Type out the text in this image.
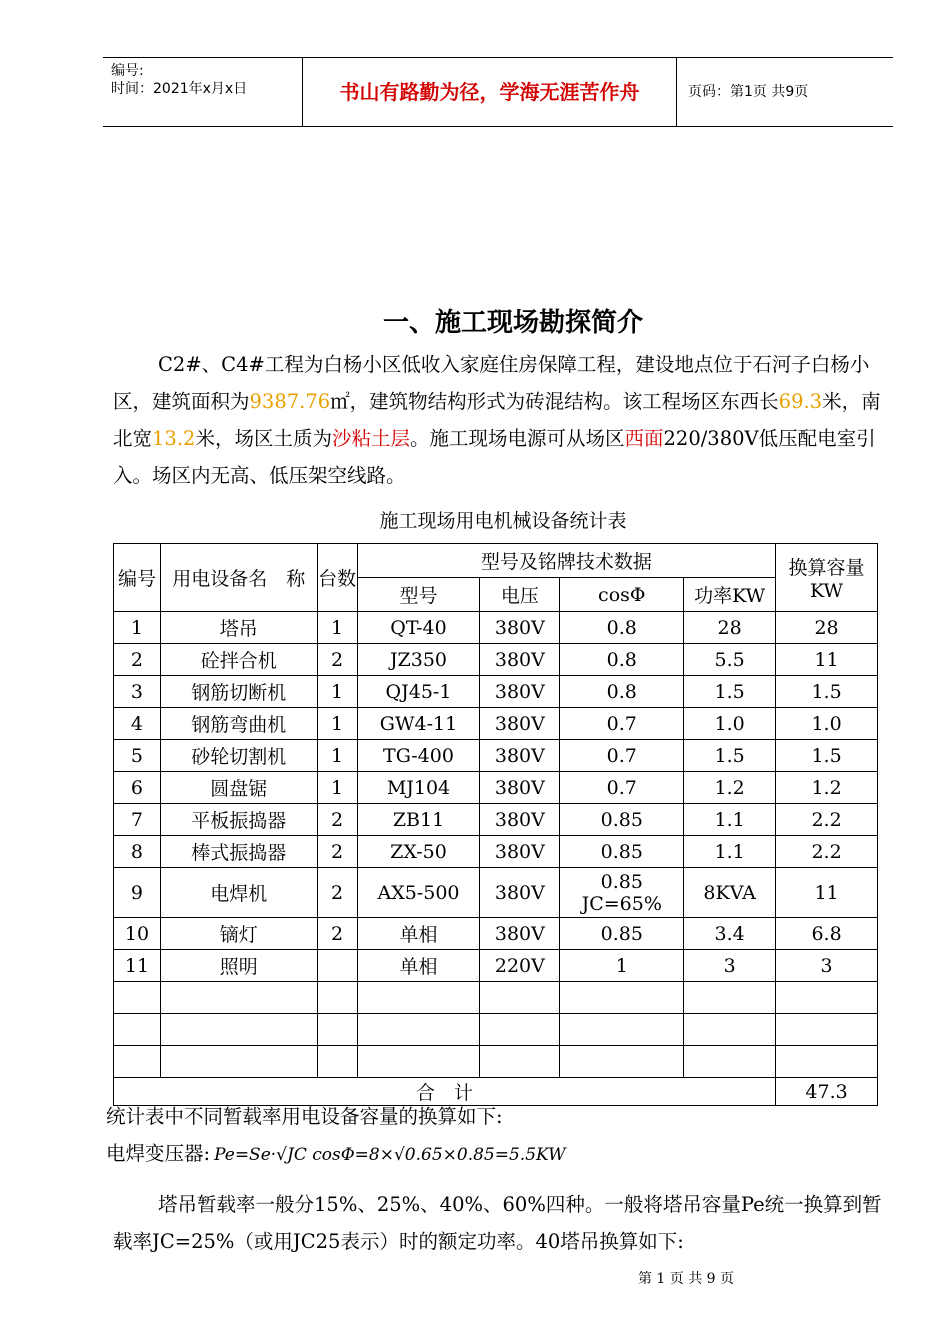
编号:
时间：2021年x月x日	书山有路勤为径，学海无涯苦作舟	页码：第1页 共9页
一、施工现场勘探简介
C2#、C4#工程为白杨小区低收入家庭住房保障工程，建设地点位于石河子白杨小区，建筑面积为9387.76㎡，建筑物结构形式为砖混结构。该工程场区东西长69.3米，南北宽13.2米，场区土质为沙粘土层。施工现场电源可从场区西面220/380V低压配电室引入。场区内无高、低压架空线路。
施工现场用电机械设备统计表
编号	用电设备名　称	台数	型号及铭牌技术数据				换算容量KW
			型号	电压	cosΦ	功率KW	
1	塔吊	1	QT-40	380V	0.8	28	28
2	砼拌合机	2	JZ350	380V	0.8	5.5	11
3	钢筋切断机	1	QJ45-1	380V	0.8	1.5	1.5
4	钢筋弯曲机	1	GW4-11	380V	0.7	1.0	1.0
5	砂轮切割机	1	TG-400	380V	0.7	1.5	1.5
6	圆盘锯	1	MJ104	380V	0.7	1.2	1.2
7	平板振捣器	2	ZB11	380V	0.85	1.1	2.2
8	棒式振捣器	2	ZX-50	380V	0.85	1.1	2.2
9	电焊机	2	AX5-500	380V	0.85 JC=65%	8KVA	11
10	镝灯	2	单相	380V	0.85	3.4	6.8
11	照明		单相	220V	1	3	3

合　计							47.3
统计表中不同暂载率用电设备容量的换算如下:
电焊变压器: Pe=Se·√JC cosΦ=8×√0.65×0.85=5.5KW
塔吊暂载率一般分15%、25%、40%、60%四种。一般将塔吊容量Pe统一换算到暂载率JC=25%（或用JC25表示）时的额定功率。40塔吊换算如下:
第 1 页 共 9 页
